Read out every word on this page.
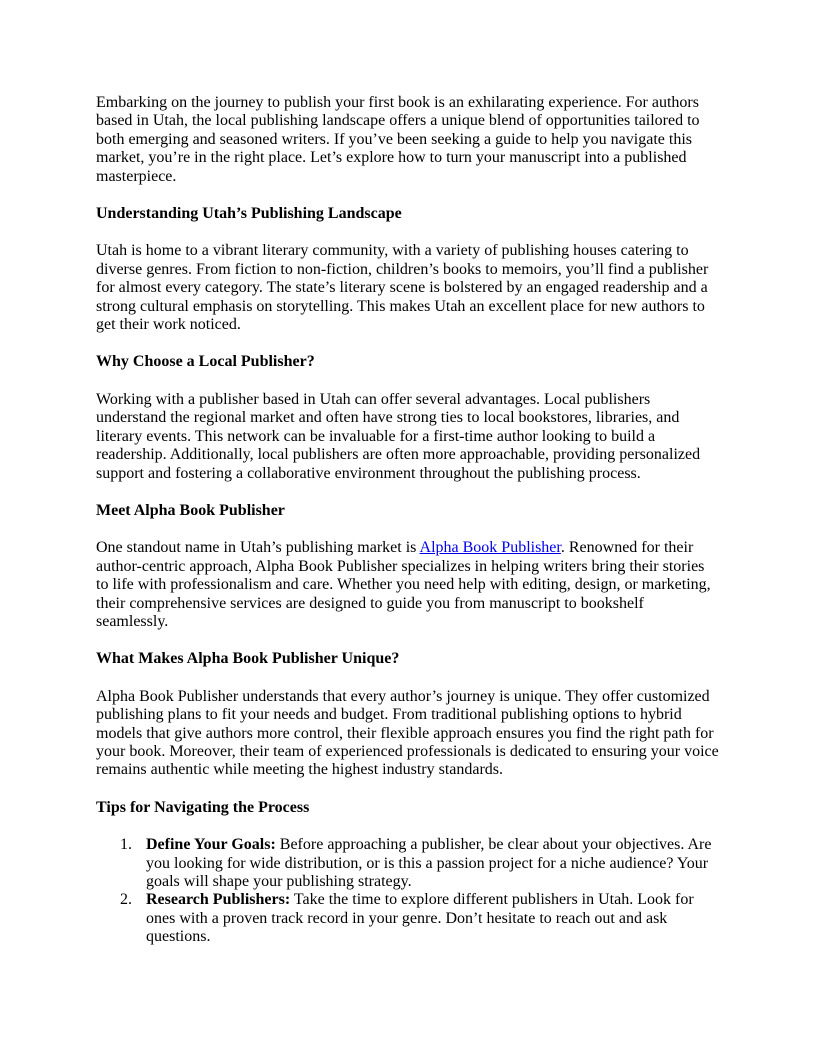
Embarking on the journey to publish your first book is an exhilarating experience. For authors based in Utah, the local publishing landscape offers a unique blend of opportunities tailored to both emerging and seasoned writers. If you’ve been seeking a guide to help you navigate this market, you’re in the right place. Let’s explore how to turn your manuscript into a published masterpiece.

Understanding Utah’s Publishing Landscape

Utah is home to a vibrant literary community, with a variety of publishing houses catering to diverse genres. From fiction to non-fiction, children’s books to memoirs, you’ll find a publisher for almost every category. The state’s literary scene is bolstered by an engaged readership and a strong cultural emphasis on storytelling. This makes Utah an excellent place for new authors to get their work noticed.

Why Choose a Local Publisher?

Working with a publisher based in Utah can offer several advantages. Local publishers understand the regional market and often have strong ties to local bookstores, libraries, and literary events. This network can be invaluable for a first-time author looking to build a readership. Additionally, local publishers are often more approachable, providing personalized support and fostering a collaborative environment throughout the publishing process.

Meet Alpha Book Publisher

One standout name in Utah’s publishing market is Alpha Book Publisher. Renowned for their author-centric approach, Alpha Book Publisher specializes in helping writers bring their stories to life with professionalism and care. Whether you need help with editing, design, or marketing, their comprehensive services are designed to guide you from manuscript to bookshelf seamlessly.

What Makes Alpha Book Publisher Unique?

Alpha Book Publisher understands that every author’s journey is unique. They offer customized publishing plans to fit your needs and budget. From traditional publishing options to hybrid models that give authors more control, their flexible approach ensures you find the right path for your book. Moreover, their team of experienced professionals is dedicated to ensuring your voice remains authentic while meeting the highest industry standards.

Tips for Navigating the Process
1. Define Your Goals: Before approaching a publisher, be clear about your objectives. Are you looking for wide distribution, or is this a passion project for a niche audience? Your goals will shape your publishing strategy.
2. Research Publishers: Take the time to explore different publishers in Utah. Look for ones with a proven track record in your genre. Don’t hesitate to reach out and ask questions.
